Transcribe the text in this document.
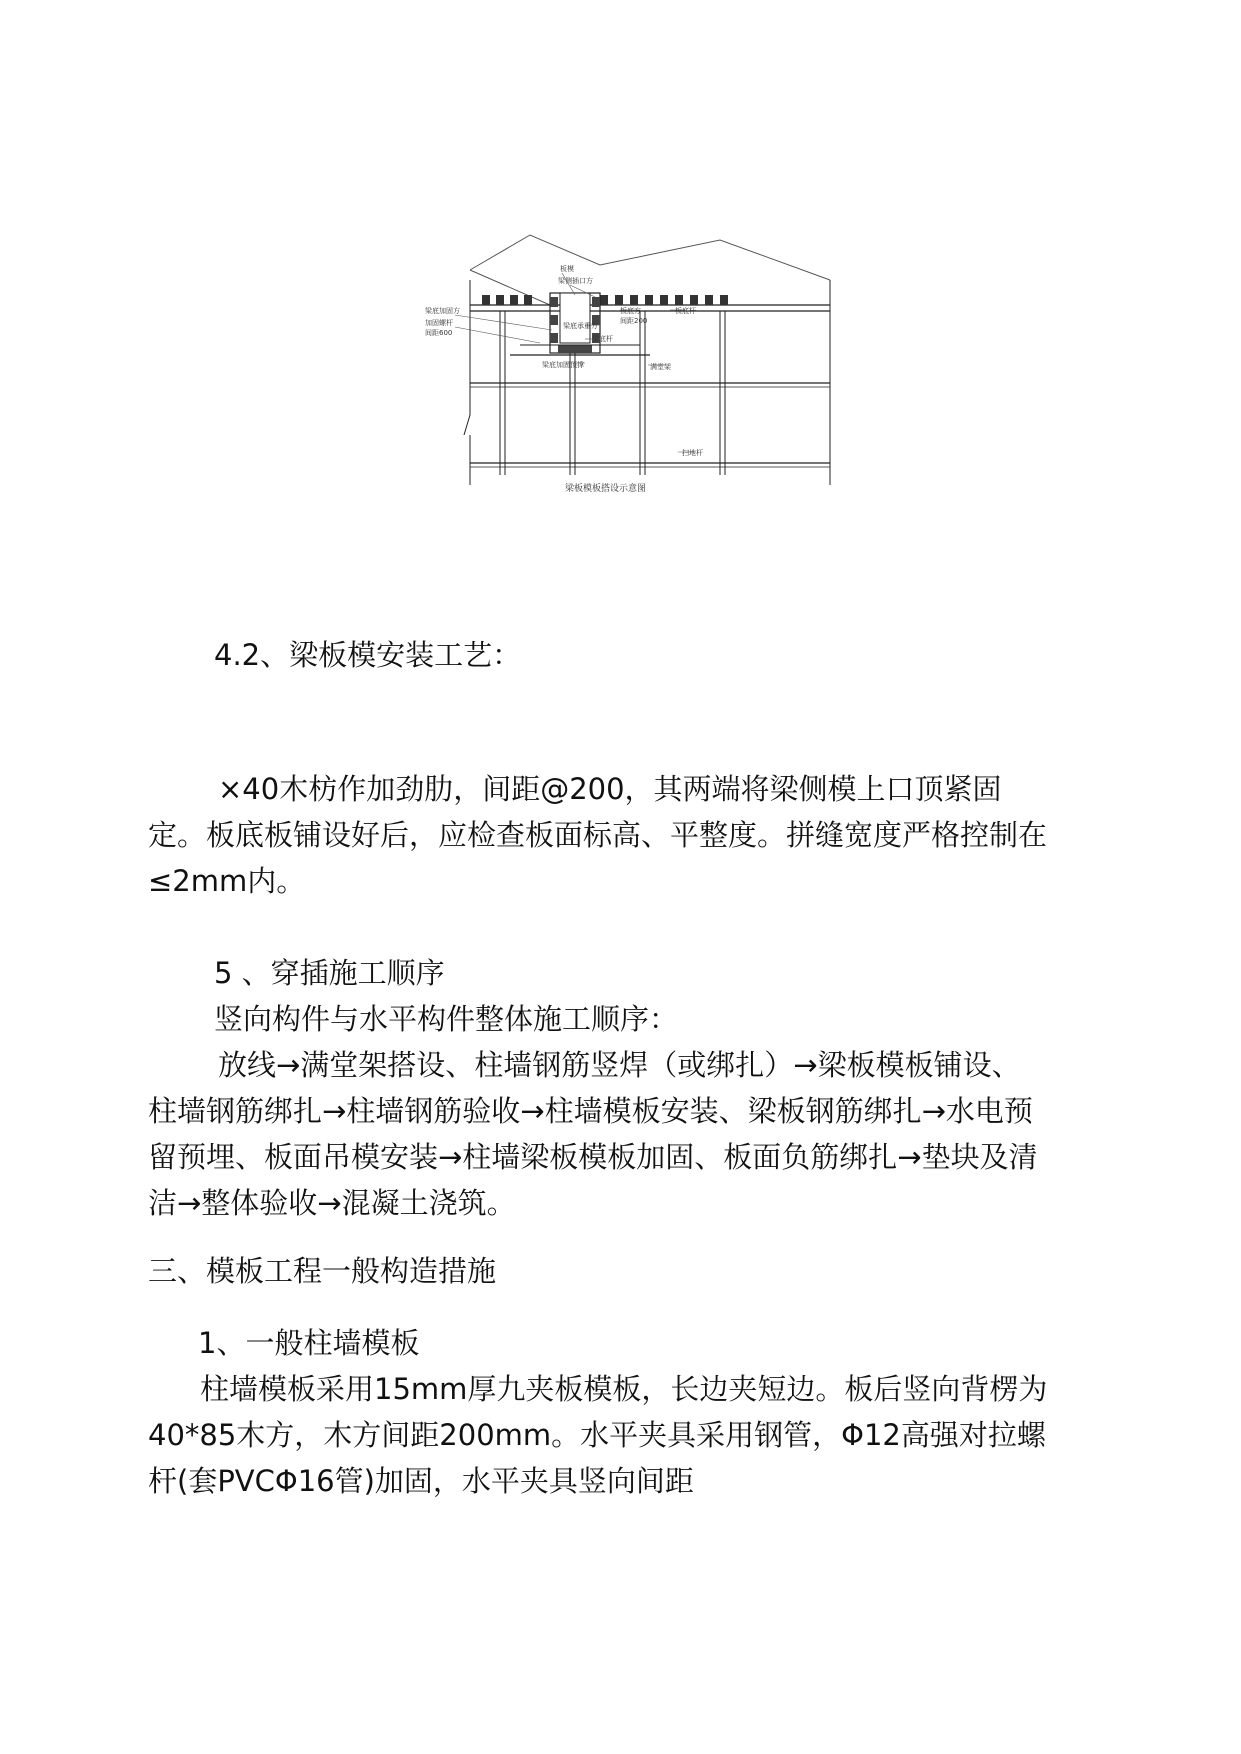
板模
梁侧插口方
梁底加固方
加固螺杆
间距600
板底方
间距200
板底杆
梁底承重方
梁底杆
梁底加固顶撑	满堂架
扫地杆
梁板模板搭设示意图
4.2、梁板模安装工艺：
×40木枋作加劲肋，间距@200，其两端将梁侧模上口顶紧固定。板底板铺设好后，应检查板面标高、平整度。拼缝宽度严格控制在≤2mm内。
5 、穿插施工顺序
竖向构件与水平构件整体施工顺序：
放线→满堂架搭设、柱墙钢筋竖焊（或绑扎）→梁板模板铺设、柱墙钢筋绑扎→柱墙钢筋验收→柱墙模板安装、梁板钢筋绑扎→水电预留预埋、板面吊模安装→柱墙梁板模板加固、板面负筋绑扎→垫块及清洁→整体验收→混凝土浇筑。
三、模板工程一般构造措施
1、一般柱墙模板
柱墙模板采用15mm厚九夹板模板，长边夹短边。板后竖向背楞为40*85木方，木方间距200mm。水平夹具采用钢管，Φ12高强对拉螺杆(套PVCΦ16管)加固，水平夹具竖向间距
